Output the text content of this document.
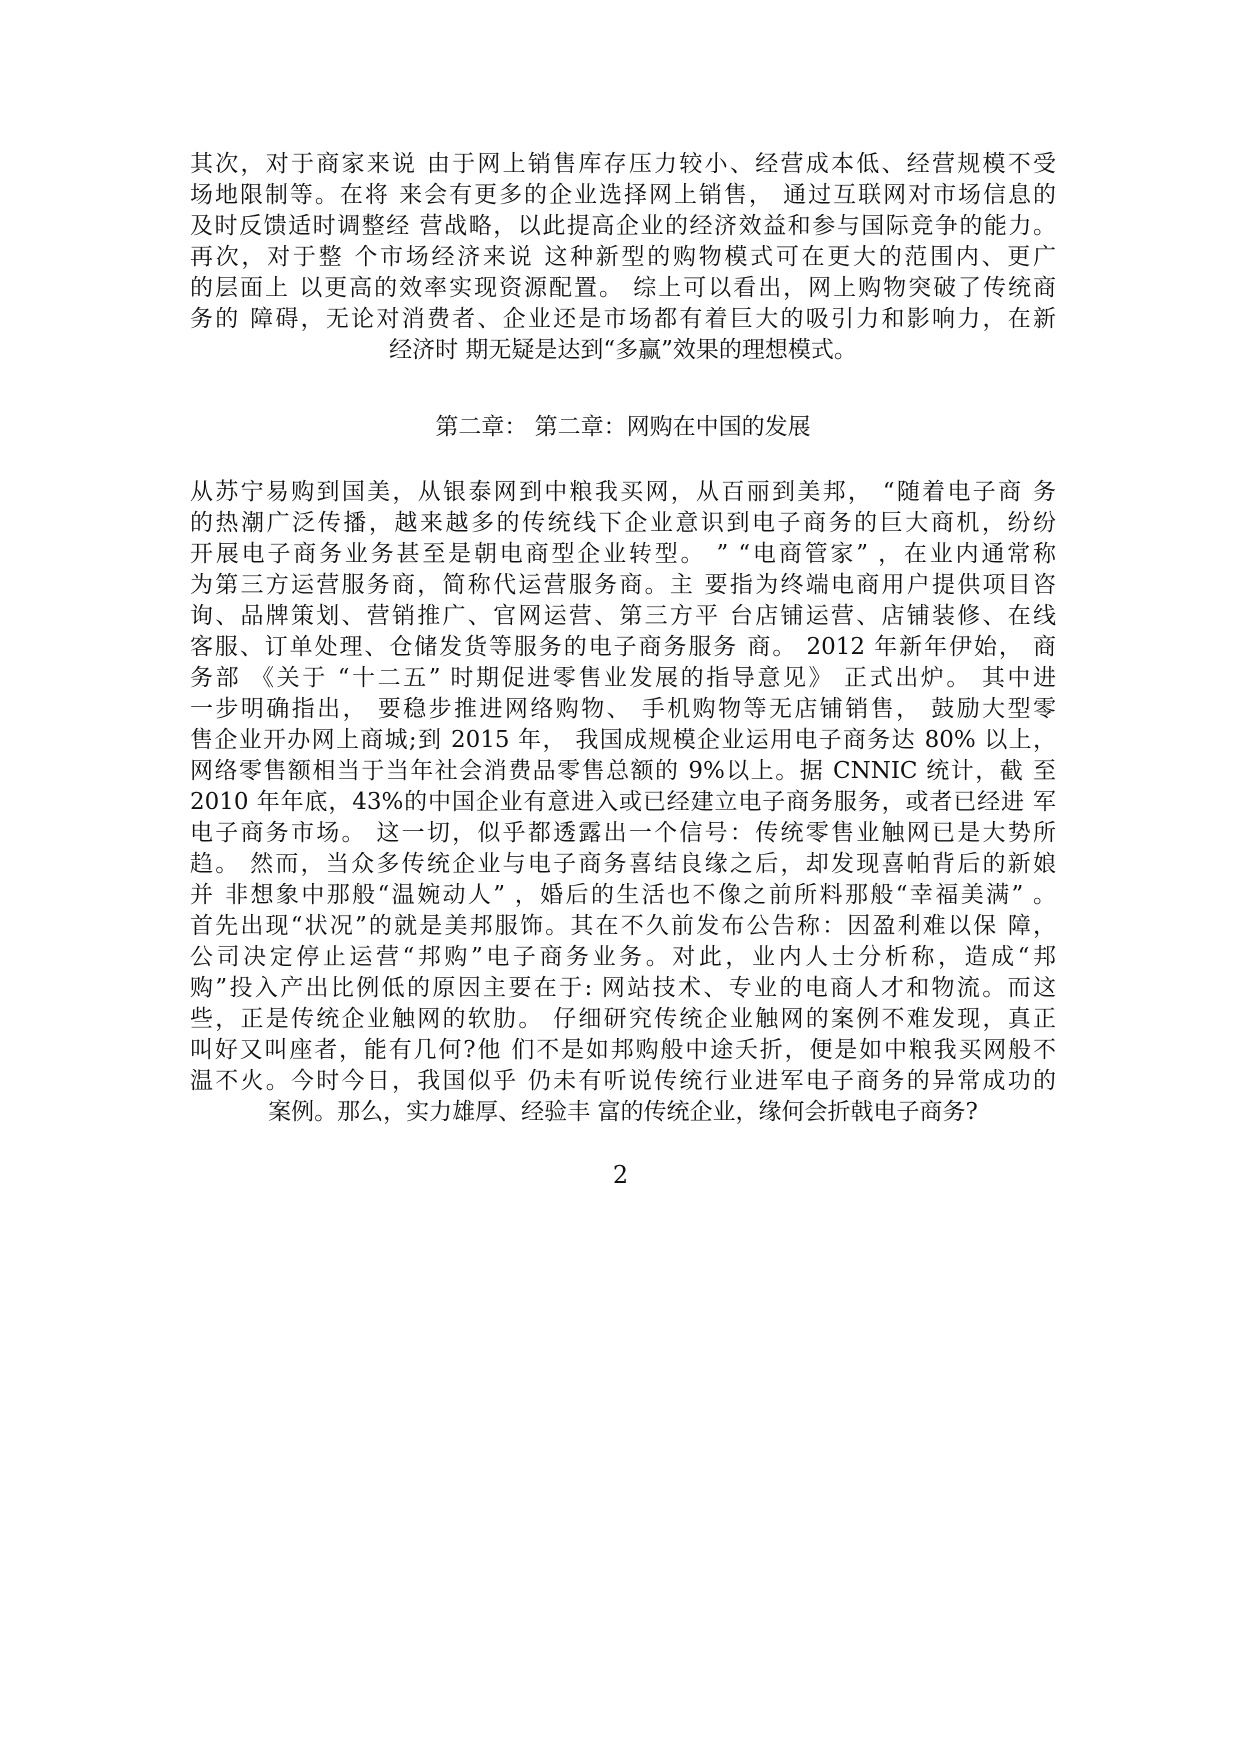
其次，对于商家来说 由于网上销售库存压力较小、经营成本低、经营规模不受
场地限制等。在将 来会有更多的企业选择网上销售， 通过互联网对市场信息的
及时反馈适时调整经 营战略，以此提高企业的经济效益和参与国际竞争的能力。
再次，对于整 个市场经济来说 这种新型的购物模式可在更大的范围内、更广
的层面上 以更高的效率实现资源配置。 综上可以看出，网上购物突破了传统商
务的 障碍，无论对消费者、企业还是市场都有着巨大的吸引力和影响力，在新
经济时 期无疑是达到“多赢”效果的理想模式。
第二章： 第二章：网购在中国的发展
从苏宁易购到国美，从银泰网到中粮我买网，从百丽到美邦， “随着电子商 务
的热潮广泛传播，越来越多的传统线下企业意识到电子商务的巨大商机，纷纷
开展电子商务业务甚至是朝电商型企业转型。 ” “电商管家” ，在业内通常称
为第三方运营服务商，简称代运营服务商。主 要指为终端电商用户提供项目咨
询、品牌策划、营销推广、官网运营、第三方平 台店铺运营、店铺装修、在线
客服、订单处理、仓储发货等服务的电子商务服务 商。 2012 年新年伊始， 商
务部 《关于 “十二五” 时期促进零售业发展的指导意见》 正式出炉。 其中进
一步明确指出， 要稳步推进网络购物、 手机购物等无店铺销售， 鼓励大型零
售企业开办网上商城;到 2015 年， 我国成规模企业运用电子商务达 80% 以上，
网络零售额相当于当年社会消费品零售总额的 9%以上。据 CNNIC 统计，截 至
2010 年年底，43%的中国企业有意进入或已经建立电子商务服务，或者已经进 军
电子商务市场。 这一切，似乎都透露出一个信号：传统零售业触网已是大势所
趋。 然而，当众多传统企业与电子商务喜结良缘之后，却发现喜帕背后的新娘
并 非想象中那般“温婉动人” ，婚后的生活也不像之前所料那般“幸福美满” 。
首先出现“状况”的就是美邦服饰。其在不久前发布公告称：因盈利难以保 障，
公司决定停止运营“邦购”电子商务业务。对此，业内人士分析称，造成“邦
购”投入产出比例低的原因主要在于: 网站技术、专业的电商人才和物流。而这
些，正是传统企业触网的软肋。 仔细研究传统企业触网的案例不难发现，真正
叫好又叫座者，能有几何?他 们不是如邦购般中途夭折，便是如中粮我买网般不
温不火。今时今日，我国似乎 仍未有听说传统行业进军电子商务的异常成功的
案例。那么，实力雄厚、经验丰 富的传统企业，缘何会折戟电子商务?
2
